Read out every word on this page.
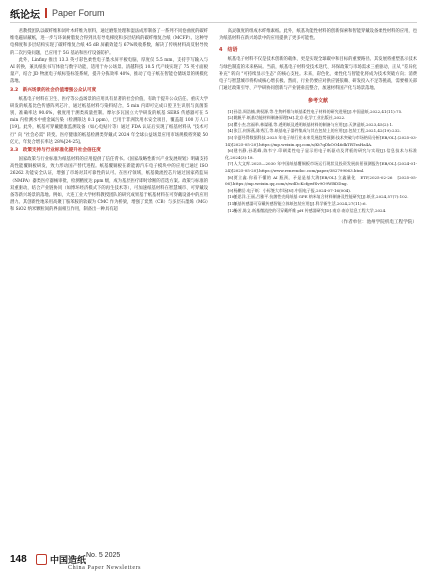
纸论坛 Paper Forum

君教授团队以碳纤维和闭叶木纤维为原料，通过磨浆处理和湿法成形制备了一系列不同卷曲度的碳纤维电磁屏蔽纸，进一步与环氧树脂复合得到具有导电梯度和多层结构的碳纤维复合纸（MCFP）。这种导电梯度和多层结构实现了碳纤维复合纸 45 dB 屏蔽效能与 67%吸收系数，解决了传统材料高反射导致的二次污染问题，已应用于 5G 基站和医疗设备防护。

此外，Linfiny 推出 13.3 英寸彩色柔性电子墨水屏平板电脑，厚度仅 5.5 mm，支持手写输入与 AI 转换，兼具纸张书写体验与数字功能，适用于办公场景。清越科技 10.5 代产线实现了 75 英寸面板量产，结合 JD 物流电子纸标签标签系统，提升分拣效率 40%，推动了电子纸在智能仓储场景的规模化落地。

3.2　新兴场景的社会价值增强公众认可度

纸基电子材料在卫生、医疗等公益场景的应用具有显著的社会价值，有助于提升公众信任。重庆大学研发的纸基比色传感阵列芯片，通过纸基材料与染料结合，5 min 内即可完成口腔卫生识别与真菌鉴别，准确率达 90.6%，极度用于测类质量控制。摩尔多瓦国立大学研发的纸基 SERS 传感器可在 5 min 内检测水中重金属污染（检测限达 0.1 ppm），已用于非洲饮用水安全项目，覆盖超 100 万人口[19]。此外，纸基可穿戴健康监测设备（如心电贴片等）通过 FDA 认证后实现了纸基材料从 "技术可行" 向 "社会必需" 转变。医疗健康的纸基检测类穿戴式 2024 年全球公益场景应用市场规模将突破 50 亿元，年复合增长率达 28%[24-25]。

3.3　政策支持与行业标准化提升社会信任度

国家政策与行业标准为纸基材料的应用提供了信任背书。《国家战略性新兴产业发展规划》明确支持高性能覆铜板研发，致力形动国产替代进程。纸基覆铜板在新能源汽车电子模块中的应用已通过 ISO 26262 功能安全认证，增强了市场对其可靠性的认可。在医疗领域，纸基微流控芯片通过国家药监局（NMPA）器类医疗器械审批，检测精度达 ppm 级，成为基层医疗即时诊断的首选方案。政策与标准的双重驱动，结合产业链协同（如博环经济模式下的再生技术等），可加速纸基材料在智慧城市、可穿戴设备等新兴场景的落地。例如，大连工业大学材料教授团队的研究成果基于纸基材料在可穿戴设备中的应用潜力。其创新性地采用高聚丁胺苯胺的软碳为 CMC 作为桥梁，增强了炭黑（CB）与多层石墨烯（MG）和 SiO2 纳米颗粒间的界面相互作用，制备出一种具有超

高灵敏度的组成水纤维素纸。此外，纸基功能性材料的创新探索和智能穿戴设备柔性材料的应用，也为纸基材料在新兴场景中的应用提供了更多可能性。

4　结语

纸基电子材料不仅是技术创新的载体，更是实现全球碳中和目标的重要路径。其发展将重塑基示技术与绿色制造的未来格局。当前，纸基电子材料受技术迭代、环保政策与市场需求三重驱动，正从 "差异化补充" 转向 "可持续显示生态" 的核心支柱。未来，彩色化、柔性化与智能化将成为技术突破方向；消费电子与智慧城市将构成核心增长极。然而，行业仍要应对供应链依赖、研发投入不足等挑战，需要相关部门通过政策引导、产学研协同创新与产业链垂直整合，加速材料国产化与场景落地。

参考文献

[1] 孙浩,周浩楠,黄权源,等.生物纤维与纸基柔性电子材料的研究进展[J].中国造纸,2022,41(11):75.

[2] 姚帆平.纸基功能材料制备原理[M].北京:化学工业出版社,2022.

[3] 瞿小杰,宫福举,林谋瑾,等.透明纸及透明纸基材料的制备与应用[J].天津造纸,2023,45(2):1.

[4] 张江,何界燕,陈秀江,等.纸基电子器件集成与其在包装上的应用[J].包装工程,2021,42(19):232.

[5] 辛夏经得数据科技.2025 年电子纸行业未来发展趋势预测:技术突破与市场格局分析[EB/OL].(2025-03-14)[2025-05-20].https://mp.weixin.qq.com/s/Kt7qDkOO46dkTRTraHa4A.

[6] 建书静,孙葛峰,陈韦宁.印刷柔性电子显示用电子纸驱动及背板的研究与实现[J].信息技术与标准化,2024(3):18.

[7] 人大文库.2025—2030 年中国纸基覆铜板市场运行现状及投资发展前景预测报告[EB/OL].(2024-01-24)[2025-05-20].https://www.renrendoc.com/paper/382799063.html.

[8] 贾立鑫.你看不懂的 AI 瓶颈，矛是是基大海[EB/OL].立鑫量化　ETF,2025-02-26　[2025-05-06].https://mp.weixin.qq.com/s/wdDcKcfgwfSv9O9WBDDng.

[9] 杨鹏岳.电子纸：小标签大市场[N].中国电子报,2024-07-16(004).

[10]
任思洋,王丽,吕雅平.抗菌性壳间纸基 GPE 纳米复合材料制备及性能研究[J].纸业,2024,57(7):102.

[11]
纸基传感器可穿戴传感智能立体纸包装应用[J].科学新生活,2024,27(11):6.

[12]
杨芳,陈义.纸基微流控的可穿戴纤维 pH 传感器研究[D].南京:南京信息工程大学,2024.

（作者单位：池州学院机电工程学院）
148	中国造纸
No. 5 2025
China Paper Newsletters
